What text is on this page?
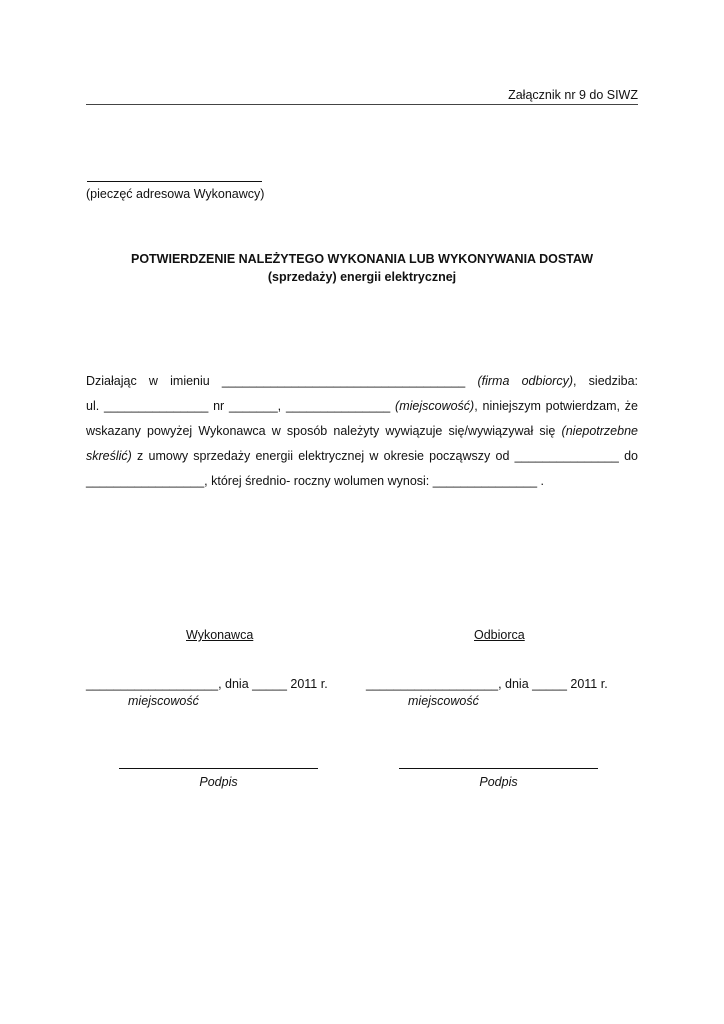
Załącznik nr 9 do SIWZ
(pieczęć adresowa Wykonawcy)
POTWIERDZENIE NALEŻYTEGO WYKONANIA LUB WYKONYWANIA DOSTAW
(sprzedaży) energii elektrycznej
Działając w imieniu ___________________________________ (firma odbiorcy), siedziba:
ul. _______________ nr _______, _______________ (miejscowość), niniejszym potwierdzam, że
wskazany powyżej Wykonawca w sposób należyty wywiązuje się/wywiązywał się (niepotrzebne
skreślić) z umowy sprzedaży energii elektrycznej w okresie począwszy od _______________ do
_________________, której średnio- roczny wolumen wynosi: _______________ .
Wykonawca
___________________, dnia _____ 2011 r.
miejscowość
Podpis
Odbiorca
___________________, dnia _____ 2011 r.
miejscowość
Podpis
